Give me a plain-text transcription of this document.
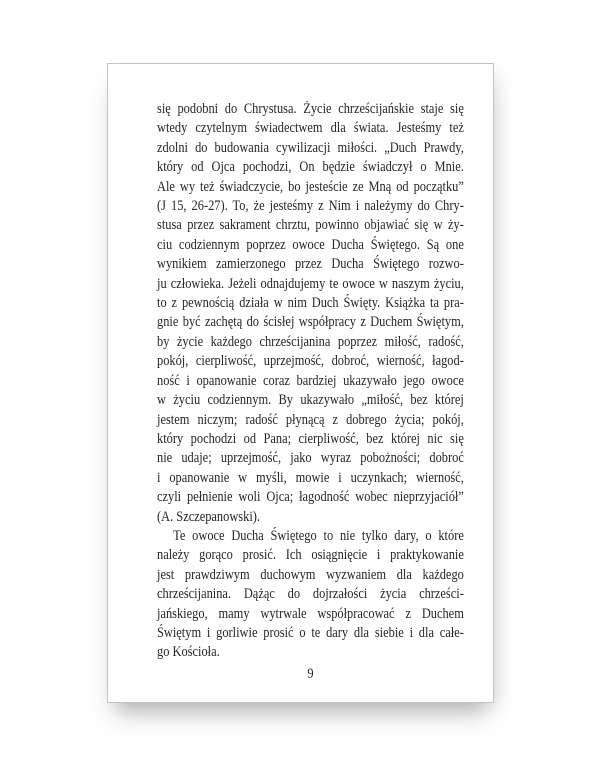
się podobni do Chrystusa. Życie chrześcijańskie staje się
wtedy czytelnym świadectwem dla świata. Jesteśmy też
zdolni do budowania cywilizacji miłości. „Duch Prawdy,
który od Ojca pochodzi, On będzie świadczył o Mnie.
Ale wy też świadczycie, bo jesteście ze Mną od początku”
(J 15, 26-27). To, że jesteśmy z Nim i należymy do Chry-
stusa przez sakrament chrztu, powinno objawiać się w ży-
ciu codziennym poprzez owoce Ducha Świętego. Są one
wynikiem zamierzonego przez Ducha Świętego rozwo-
ju człowieka. Jeżeli odnajdujemy te owoce w naszym życiu,
to z pewnością działa w nim Duch Święty. Książka ta pra-
gnie być zachętą do ścisłej współpracy z Duchem Świętym,
by życie każdego chrześcijanina poprzez miłość, radość,
pokój, cierpliwość, uprzejmość, dobroć, wierność, łagod-
ność i opanowanie coraz bardziej ukazywało jego owoce
w życiu codziennym. By ukazywało „miłość, bez której
jestem niczym; radość płynącą z dobrego życia; pokój,
który pochodzi od Pana; cierpliwość, bez której nic się
nie udaje; uprzejmość, jako wyraz pobożności; dobroć
i opanowanie w myśli, mowie i uczynkach; wierność,
czyli pełnienie woli Ojca; łagodność wobec nieprzyjaciół”
(A. Szczepanowski).
Te owoce Ducha Świętego to nie tylko dary, o które
należy gorąco prosić. Ich osiągnięcie i praktykowanie
jest prawdziwym duchowym wyzwaniem dla każdego
chrześcijanina. Dążąc do dojrzałości życia chrześci-
jańskiego, mamy wytrwale współpracować z Duchem
Świętym i gorliwie prosić o te dary dla siebie i dla całe-
go Kościoła.
9
